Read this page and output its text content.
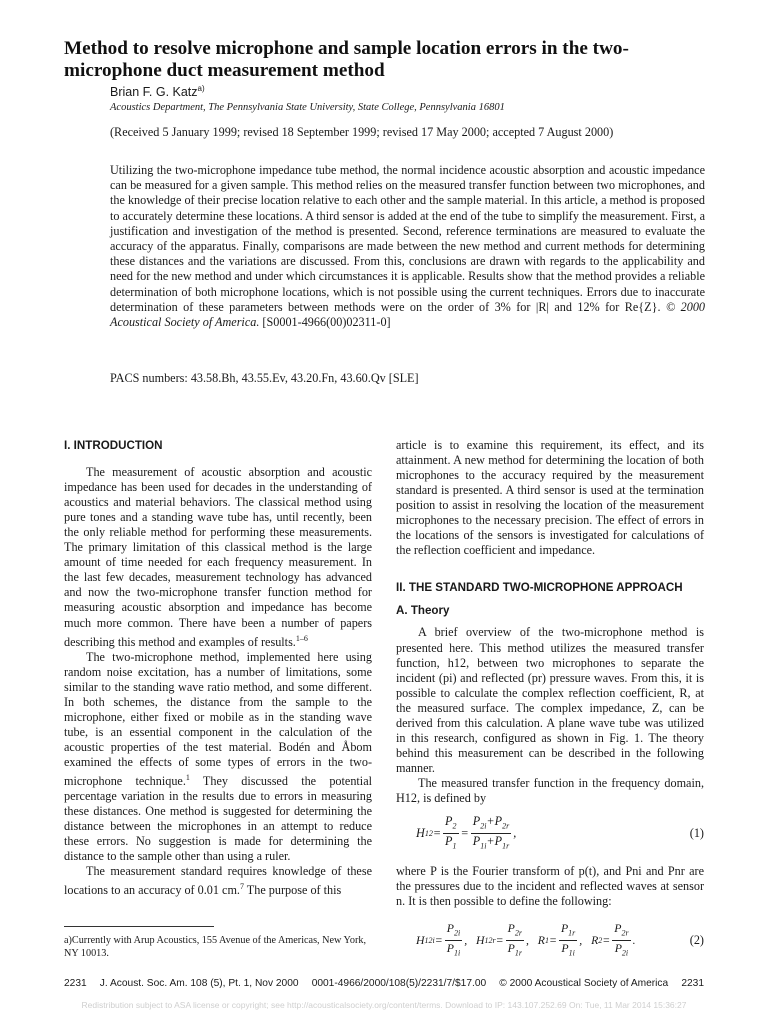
Method to resolve microphone and sample location errors in the two-microphone duct measurement method
Brian F. G. Katz$^{a)}$
Acoustics Department, The Pennsylvania State University, State College, Pennsylvania 16801
(Received 5 January 1999; revised 18 September 1999; revised 17 May 2000; accepted 7 August 2000)

Utilizing the two-microphone impedance tube method, the normal incidence acoustic absorption and acoustic impedance can be measured for a given sample. This method relies on the measured transfer function between two microphones, and the knowledge of their precise location relative to each other and the sample material. In this article, a method is proposed to accurately determine these locations. A third sensor is added at the end of the tube to simplify the measurement. First, a justification and investigation of the method is presented. Second, reference terminations are measured to evaluate the accuracy of the apparatus. Finally, comparisons are made between the new method and current methods for determining these distances and the variations are discussed. From this, conclusions are drawn with regards to the applicability and need for the new method and under which circumstances it is applicable. Results show that the method provides a reliable determination of both microphone locations, which is not possible using the current techniques. Errors due to inaccurate determination of these parameters between methods were on the order of 3% for |R| and 12% for Re{Z}. © 2000 Acoustical Society of America. [S0001-4966(00)02311-0]

PACS numbers: 43.58.Bh, 43.55.Ev, 43.20.Fn, 43.60.Qv [SLE]
I. INTRODUCTION

The measurement of acoustic absorption and acoustic impedance has been used for decades in the understanding of acoustics and material behaviors. The classical method using pure tones and a standing wave tube has, until recently, been the only reliable method for performing these measurements. The primary limitation of this classical method is the large amount of time needed for each frequency measurement. In the last few decades, measurement technology has advanced and now the two-microphone transfer function method for measuring acoustic absorption and impedance has become much more common. There have been a number of papers describing this method and examples of results.$^{1-6}$

The two-microphone method, implemented here using random noise excitation, has a number of limitations, some similar to the standing wave ratio method, and some different. In both schemes, the distance from the sample to the microphone, either fixed or mobile as in the standing wave tube, is an essential component in the calculation of the acoustic properties of the test material. Bodén and Åbom examined the effects of some types of errors in the two-microphone technique.$^1$ They discussed the potential percentage variation in the results due to errors in measuring these distances. One method is suggested for determining the distance between the microphones in an attempt to reduce these errors. No suggestion is made for determining the distance to the sample other than using a ruler.

The measurement standard requires knowledge of these locations to an accuracy of 0.01 cm.$^7$ The purpose of this

article is to examine this requirement, its effect, and its attainment. A new method for determining the location of both microphones to the accuracy required by the measurement standard is presented. A third sensor is used at the termination position to assist in resolving the location of the measurement microphones to the necessary precision. The effect of errors in the locations of the sensors is investigated for calculations of the reflection coefficient and impedance.

II. THE STANDARD TWO-MICROPHONE APPROACH
A. Theory

A brief overview of the two-microphone method is presented here. This method utilizes the measured transfer function, h12, between two microphones to separate the incident (pi) and reflected (pr) pressure waves. From this, it is possible to calculate the complex reflection coefficient, R, at the measured surface. The complex impedance, Z, can be derived from this calculation. A plane wave tube was utilized in this research, configured as shown in Fig. 1. The theory behind this measurement can be described in the following manner.

The measured transfer function in the frequency domain, H12, is defined by

H $12 = \frac{P_2}{P_1} = \frac{P_{2i}+P_{2r}}{P_{1i}+P_{1r}}$ ,	(1)

where P is the Fourier transform of p(t), and Pni and Pnr are the pressures due to the incident and reflected waves at sensor n. It is then possible to define the following:

H $12i = \frac{P_{2i}}{P_{1i}}$ ,   H $12r = \frac{P_{2r}}{P_{1r}}$ ,   R $1 = \frac{P_{1r}}{P_{1i}}$ ,   R $2 = \frac{P_{2r}}{P_{2i}}$ .	(2)
a)Currently with Arup Acoustics, 155 Avenue of the Americas, New York, NY 10013.
2231 J. Acoust. Soc. Am. 108 (5), Pt. 1, Nov 2000 0001-4966/2000/108(5)/2231/7/$17.00 © 2000 Acoustical Society of America 2231
Redistribution subject to ASA license or copyright; see http://acousticalsociety.org/content/terms. Download to IP: 143.107.252.69 On: Tue, 11 Mar 2014 15:36:27
